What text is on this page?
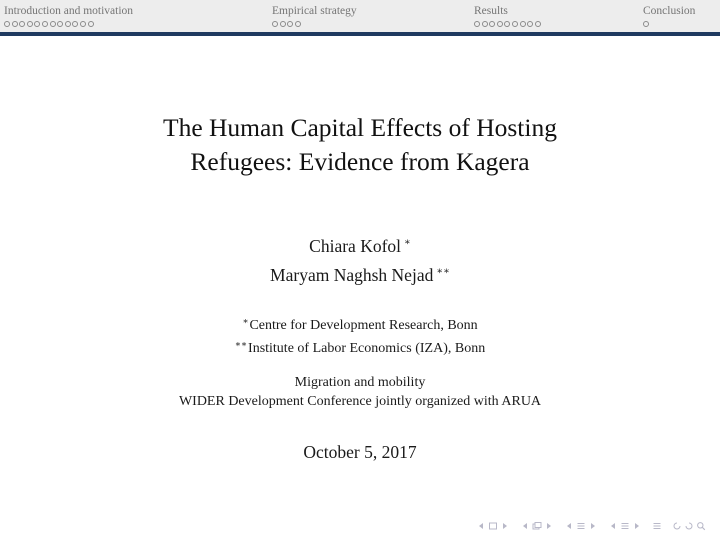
Introduction and motivation	Empirical strategy	Results	Conclusion
The Human Capital Effects of Hosting
Refugees: Evidence from Kagera
Chiara Kofol ∗
Maryam Naghsh Nejad ∗∗
∗Centre for Development Research, Bonn
∗∗Institute of Labor Economics (IZA), Bonn
Migration and mobility
WIDER Development Conference jointly organized with ARUA
October 5, 2017
